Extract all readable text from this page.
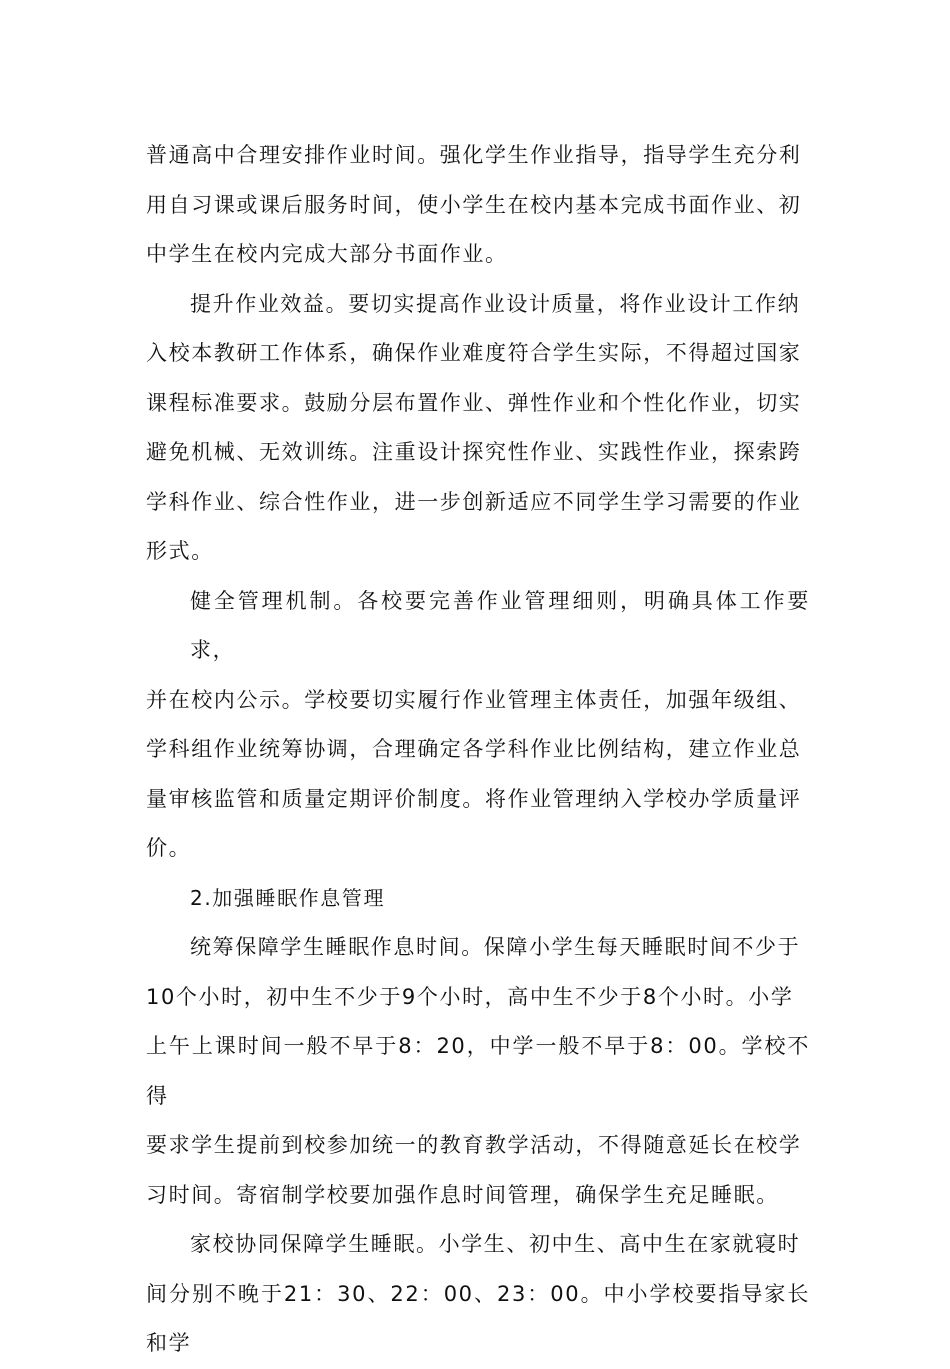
普通高中合理安排作业时间。强化学生作业指导，指导学生充分利
用自习课或课后服务时间，使小学生在校内基本完成书面作业、初
中学生在校内完成大部分书面作业。

提升作业效益。要切实提高作业设计质量，将作业设计工作纳
入校本教研工作体系，确保作业难度符合学生实际，不得超过国家
课程标准要求。鼓励分层布置作业、弹性作业和个性化作业，切实
避免机械、无效训练。注重设计探究性作业、实践性作业，探索跨
学科作业、综合性作业，进一步创新适应不同学生学习需要的作业
形式。

健全管理机制。各校要完善作业管理细则，明确具体工作要求，
并在校内公示。学校要切实履行作业管理主体责任，加强年级组、
学科组作业统筹协调，合理确定各学科作业比例结构，建立作业总
量审核监管和质量定期评价制度。将作业管理纳入学校办学质量评
价。

2.加强睡眠作息管理

统筹保障学生睡眠作息时间。保障小学生每天睡眠时间不少于
10个小时，初中生不少于9个小时，高中生不少于8个小时。小学
上午上课时间一般不早于8：20，中学一般不早于8：00。学校不得
要求学生提前到校参加统一的教育教学活动，不得随意延长在校学
习时间。寄宿制学校要加强作息时间管理，确保学生充足睡眠。

家校协同保障学生睡眠。小学生、初中生、高中生在家就寝时
间分别不晚于21：30、22：00、23：00。中小学校要指导家长和学
